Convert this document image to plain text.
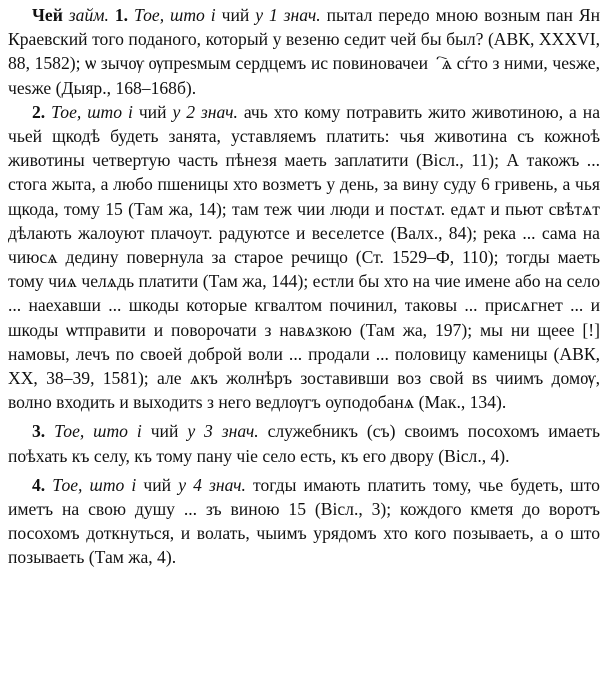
Чей займ. 1. Тое, што і чий у 1 знач. пытал передо мною возным пан Ян Краевский того поданого, который у везеню седит чей бы был? (АВК, XXXVI, 88, 1582); ѡ зычѹ ѹпреѕмым сердцемъ ис повиновачеиⷧ҇ѧ сѓто з ними, чеѕже, чеѕже (Дыяр., 168–168б).

2. Тое, што і чий у 2 знач. ачь хто кому потравить жито животиною, а на чьей щкодѣ будеть занята, уставляемъ платить: чья животина съ кожноѣ животины четвертую часть пѣнезя маеть заплатити (Вісл., 11); А такожъ ... стога жыта, а любо пшеницы хто возметъ у день, за вину суду 6 гривень, а чья щкода, тому 15 (Там жа, 14); там теж чии люди и постѧт. едѧт и пьют свѣтѧт дѣлають жалоуют плачоут. радуютсе и веселетсе (Валх., 84); река ... сама на чиюсѧ дедину повернула за старое речищо (Ст. 1529–Ф, 110); тогды маеть тому чиѧ челѧдь платити (Там жа, 144); естли бы хто на чие имене або на село ... наехавши ... шкоды которые кгвалтом починил, таковы ... присѧгнет ... и шкоды ѡтправити и поворочати з навѧзкою (Там жа, 197); мы ни щеее [!] намовы, лечъ по своей доброй воли ... продали ... половицу каменицы (АВК, XX, 38–39, 1581); але ѧкъ жолнѣръ зоставивши воз свой вѕ чиимъ домѹ, волно входить и выходитѕ з него ведлѹгъ оуподобанѧ (Мак., 134).

3. Тое, што і чий у 3 знач. служебникъ (съ) своимъ посохомъ имаеть поѣхать къ селу, къ тому пану чіе село есть, къ его двору (Вісл., 4).

4. Тое, што і чий у 4 знач. тогды имають платить тому, чье будеть, што иметъ на свою душу ... зъ виною 15 (Вісл., 3); кождого кметя до воротъ посохомъ доткнуться, и волать, чыимъ урядомъ хто кого позываеть, а о што позываеть (Там жа, 4).
